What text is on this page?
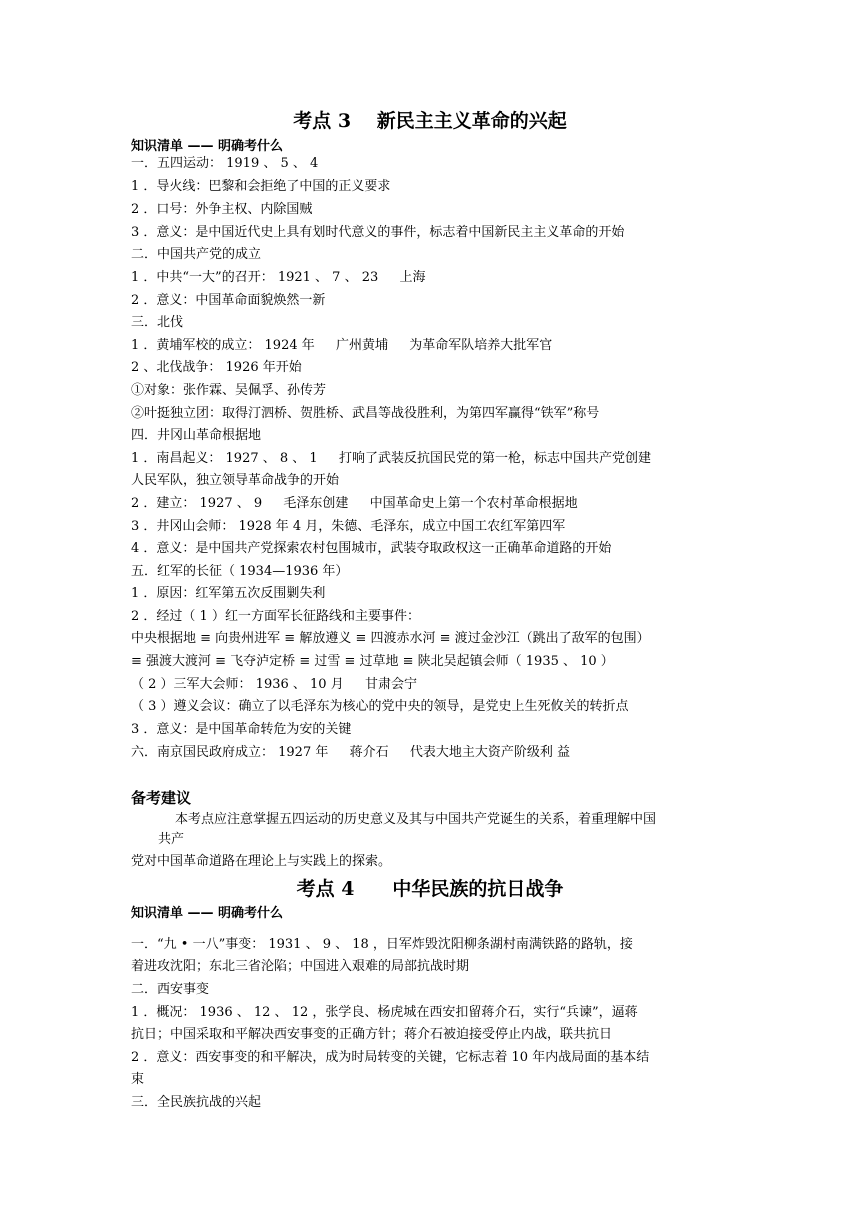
考点 3　 新民主主义革命的兴起
知识清单 —— 明确考什么
一．五四运动： 1919 、 5 、 4
1 ．导火线：巴黎和会拒绝了中国的正义要求
2 ．口号：外争主权、内除国贼
3 ．意义：是中国近代史上具有划时代意义的事件，标志着中国新民主主义革命的开始
二．中国共产党的成立
1 ．中共“一大”的召开： 1921 、 7 、 23 　 上海
2 ．意义：中国革命面貌焕然一新
三．北伐
1 ．黄埔军校的成立： 1924 年 　 广州黄埔 　 为革命军队培养大批军官
2 、北伐战争： 1926 年开始
①对象：张作霖、吴佩孚、孙传芳
②叶挺独立团：取得汀泗桥、贺胜桥、武昌等战役胜利，为第四军赢得“铁军”称号
四．井冈山革命根据地
1 ．南昌起义： 1927 、 8 、 1 　 打响了武装反抗国民党的第一枪，标志中国共产党创建
人民军队，独立领导革命战争的开始
2 ．建立： 1927 、 9 　 毛泽东创建 　 中国革命史上第一个农村革命根据地
3 ．井冈山会师： 1928 年 4 月，朱德、毛泽东，成立中国工农红军第四军
4 ．意义：是中国共产党探索农村包围城市，武装夺取政权这一正确革命道路的开始
五．红军的长征（ 1934—1936 年）
1 ．原因：红军第五次反围剿失利
2 ．经过（ 1 ）红一方面军长征路线和主要事件：
中央根据地 ≡ 向贵州进军 ≡ 解放遵义 ≡ 四渡赤水河 ≡ 渡过金沙江（跳出了敌军的包围）
≡ 强渡大渡河 ≡ 飞夺泸定桥 ≡ 过雪 ≡ 过草地 ≡ 陕北吴起镇会师（ 1935 、 10 ）
（ 2 ）三军大会师： 1936 、 10 月 　 甘肃会宁
（ 3 ）遵义会议：确立了以毛泽东为核心的党中央的领导，是党史上生死攸关的转折点
3 ．意义：是中国革命转危为安的关键
六．南京国民政府成立： 1927 年 　 蒋介石 　 代表大地主大资产阶级利 益
备考建议
本考点应注意掌握五四运动的历史意义及其与中国共产党诞生的关系，着重理解中国
共产
党对中国革命道路在理论上与实践上的探索。
考点 4　　中华民族的抗日战争
知识清单 —— 明确考什么
一．“九 • 一八”事变： 1931 、 9 、 18 ，日军炸毁沈阳柳条湖村南满铁路的路轨，接
着进攻沈阳；东北三省沦陷；中国进入艰难的局部抗战时期
二．西安事变
1 ．概况： 1936 、 12 、 12 ，张学良、杨虎城在西安扣留蒋介石，实行“兵谏”，逼蒋
抗日；中国采取和平解决西安事变的正确方针；蒋介石被迫接受停止内战，联共抗日
2 ．意义：西安事变的和平解决，成为时局转变的关键，它标志着 10 年内战局面的基本结
束
三．全民族抗战的兴起
